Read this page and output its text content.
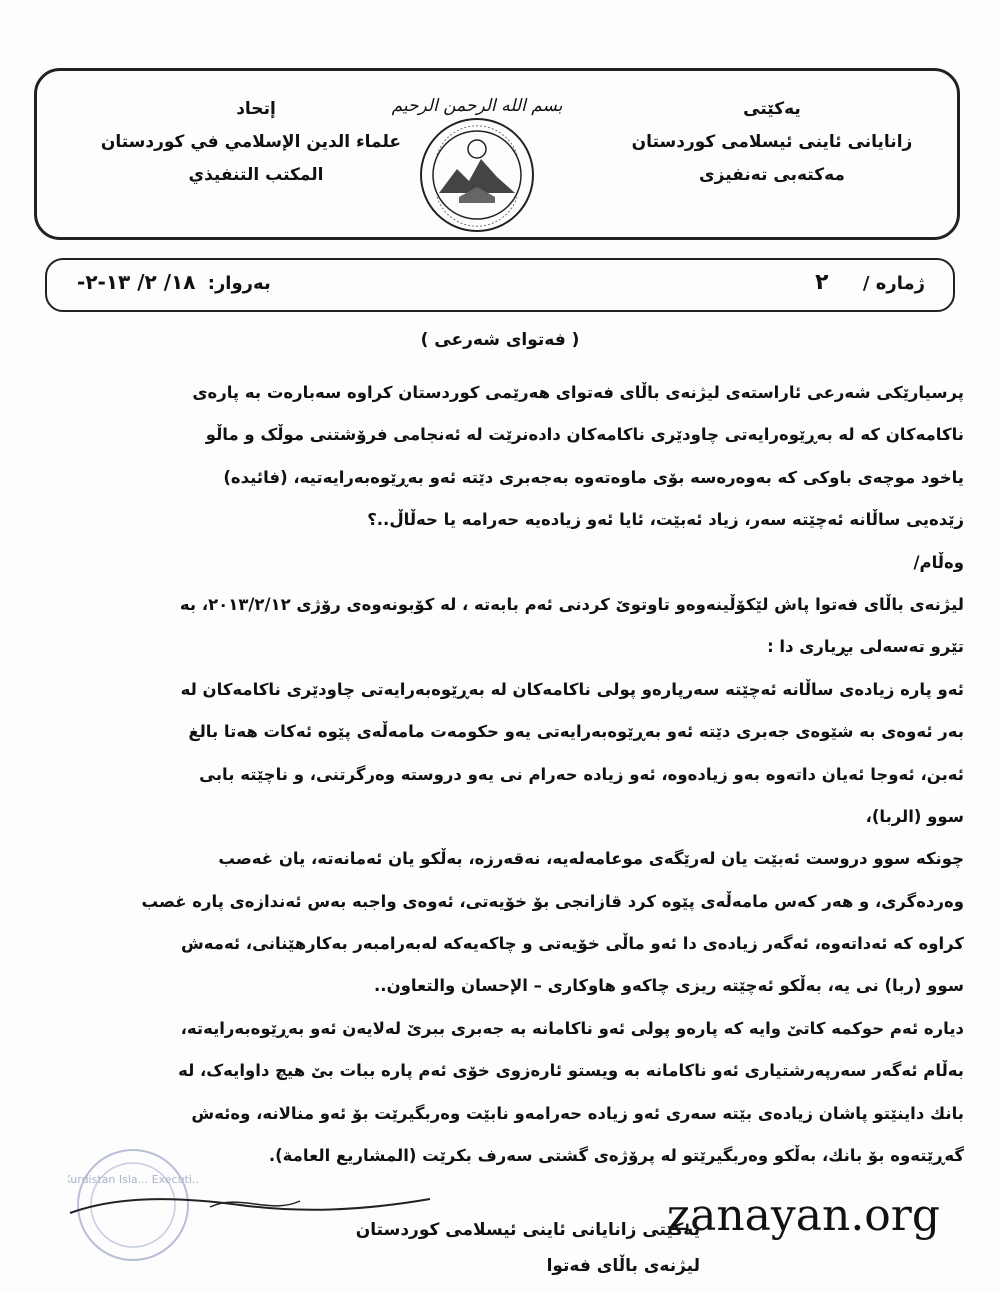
یەکێتی
زانایانی ئاینی ئیسلامی کوردستان
مەکتەبی تەنفیزی
بسم الله الرحمن الرحيم
إتحاد
علماء الدين الإسلامي في كوردستان
المكتب التنفيذي
ژمارە / ٢
بەروار: ١٨/ ٢/ ١٣-٢-
( فەتوای شەرعی )
پرسیارێکی شەرعی ئاراستەی لیژنەی باڵای فەتوای هەرێمی کوردستان کراوە سەبارەت بە پارەی
ناکامەکان کە لە بەڕێوەرایەتی چاودێری ناکامەکان دادەنرێت لە ئەنجامی فرۆشتنی موڵک و ماڵو
یاخود موچەی باوکی کە بەوەرەسە بۆی ماوەتەوە بەجەبری دێتە ئەو بەڕێوەبەرایەتیە، (فائیدە)
زێدەیی ساڵانە ئەچێتە سەر، زیاد ئەبێت، ئایا ئەو زیادەیە حەرامە یا حەڵاڵ..؟
وەڵام/
لیژنەی باڵای فەتوا پاش لێکۆڵینەوەو تاوتوێ کردنی ئەم بابەتە ، لە کۆبونەوەی رۆژی ٢٠١٣/٢/١٢، بە
تێرو تەسەلی بڕیاری دا :
ئەو پارە زیادەی ساڵانە ئەچێتە سەرپارەو پولی ناکامەکان لە بەڕێوەبەرایەتی چاودێری ناکامەکان لە
بەر ئەوەی بە شێوەی جەبری دێتە ئەو بەڕێوەبەرایەتی یەو حکومەت مامەڵەی پێوە ئەکات هەتا بالغ
ئەبن، ئەوجا ئەیان داتەوە بەو زیادەوە، ئەو زیادە حەرام نی یەو دروستە وەرگرتنی، و ناچێتە بابی
سوو (الربا)،
چونکە سوو دروست ئەبێت یان لەرێگەی موعامەلەیە، نەقەرزە، بەڵکو یان ئەمانەتە، یان غەصب
وەردەگری، و هەر کەس مامەڵەی پێوە کرد قازانجی بۆ خۆیەتی، ئەوەی واجبە بەس ئەندازەی پارە غصب
کراوە کە ئەداتەوە، ئەگەر زیادەی دا ئەو ماڵی خۆیەتی و چاکەیەکە لەبەرامبەر بەکارهێنانی، ئەمەش
سوو (ربا) نی یە، بەڵکو ئەچێتە ریزی چاکەو هاوکاری – الإحسان والتعاون..
دیارە ئەم حوکمە کاتێ وایە کە پارەو پولی ئەو ناکامانە بە جەبری ببرێ لەلایەن ئەو بەڕێوەبەرایەتە،
بەڵام ئەگەر سەرپەرشتیاری ئەو ناکامانە بە ویستو ئارەزوی خۆی ئەم پارە ببات بێ هیچ داوایەک، لە
بانك داینێتو پاشان زیادەی بێتە سەری ئەو زیادە حەرامەو نابێت وەربگیرێت بۆ ئەو منالانە، وەئەش
گەڕێتەوە بۆ بانك، بەڵکو وەربگیرێتو لە پرۆژەی گشتی سەرف بکرێت (المشاريع العامة).
Kurdistan Isla... Executi...
یەکێتی زانایانی ئاینی ئیسلامی کوردستان
لیژنەی باڵای فەتوا
zanayan.org
